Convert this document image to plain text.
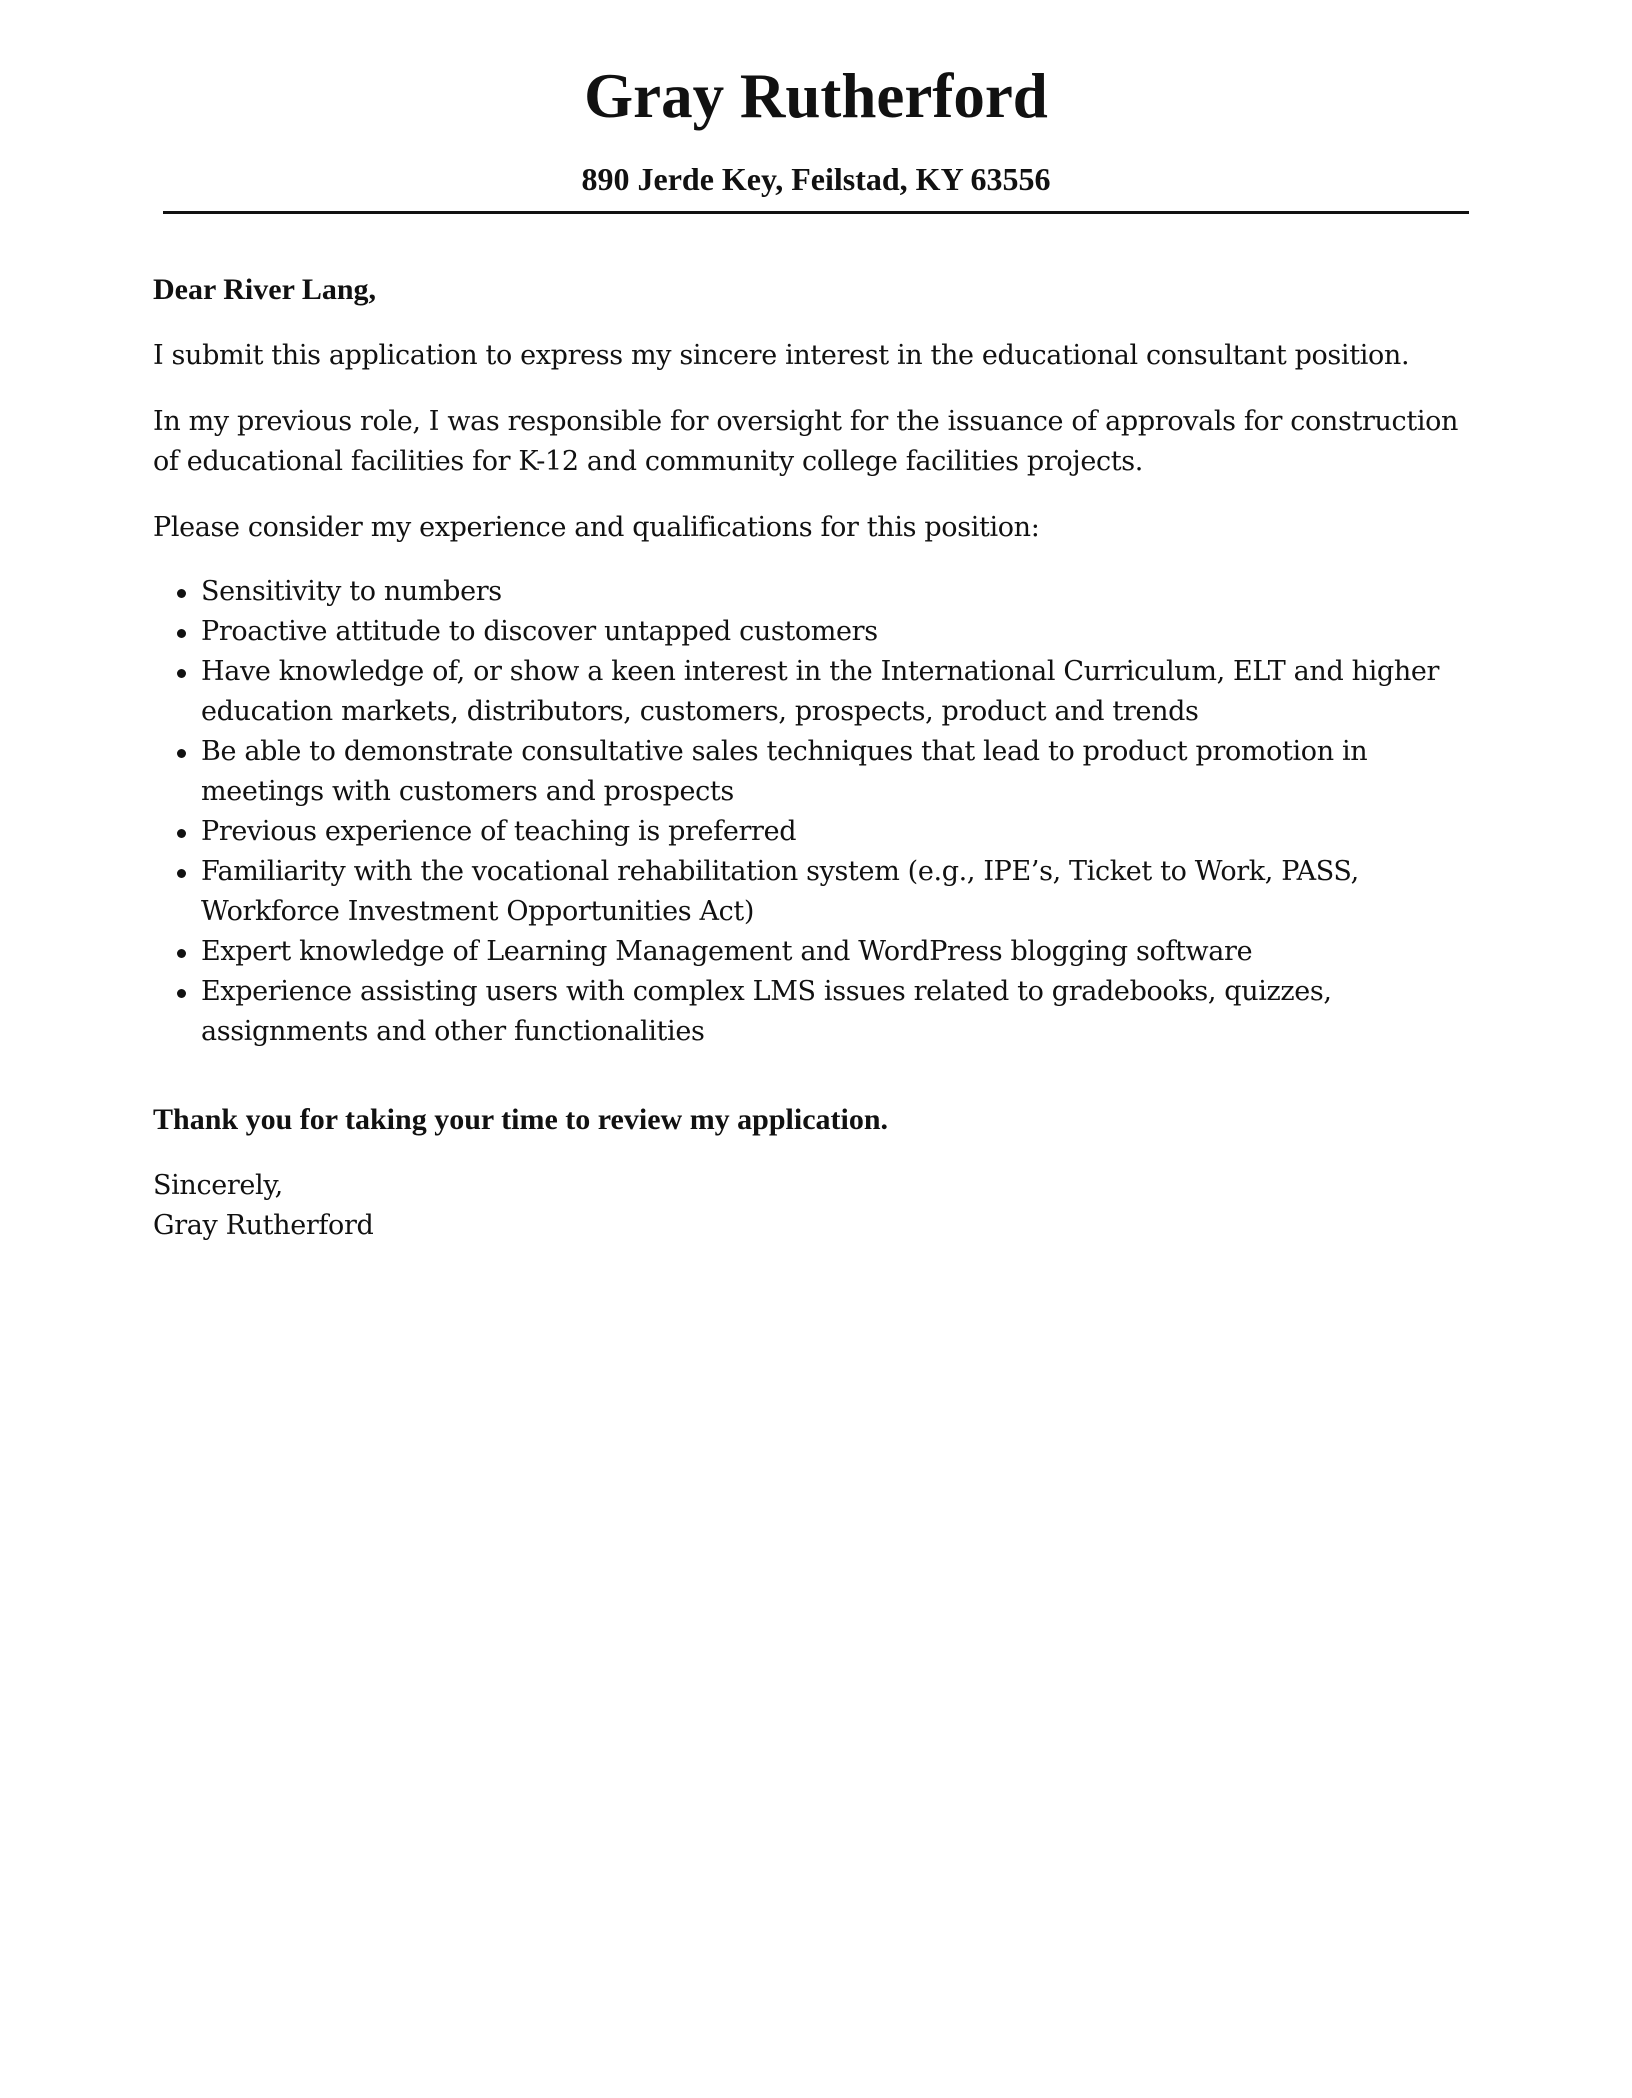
Gray Rutherford
890 Jerde Key, Feilstad, KY 63556

Dear River Lang,

I submit this application to express my sincere interest in the educational consultant position.

In my previous role, I was responsible for oversight for the issuance of approvals for construction of educational facilities for K-12 and community college facilities projects.

Please consider my experience and qualifications for this position:

Sensitivity to numbers
Proactive attitude to discover untapped customers
Have knowledge of, or show a keen interest in the International Curriculum, ELT and higher education markets, distributors, customers, prospects, product and trends
Be able to demonstrate consultative sales techniques that lead to product promotion in meetings with customers and prospects
Previous experience of teaching is preferred
Familiarity with the vocational rehabilitation system (e.g., IPE’s, Ticket to Work, PASS, Workforce Investment Opportunities Act)
Expert knowledge of Learning Management and WordPress blogging software
Experience assisting users with complex LMS issues related to gradebooks, quizzes, assignments and other functionalities

Thank you for taking your time to review my application.

Sincerely,
Gray Rutherford
